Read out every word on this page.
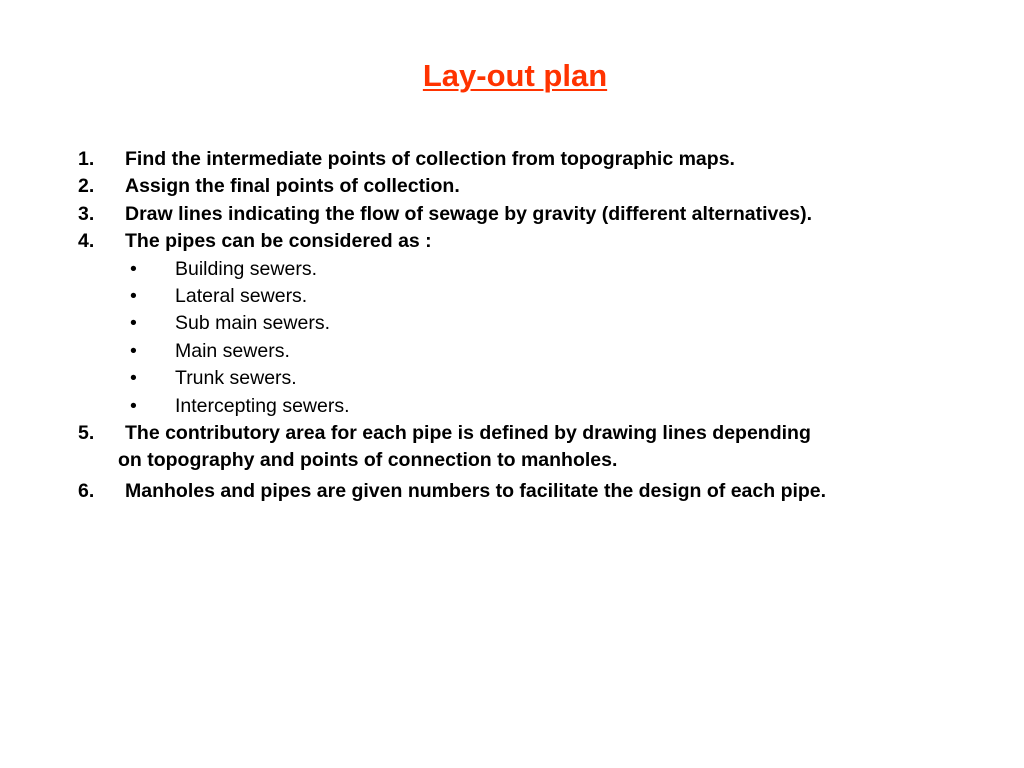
Lay-out plan
1. Find the intermediate points of collection from topographic maps.
2. Assign the final points of collection.
3. Draw lines indicating the flow of sewage by gravity (different alternatives).
4. The pipes can be considered as :
• Building sewers.
• Lateral sewers.
• Sub main sewers.
• Main sewers.
• Trunk sewers.
• Intercepting sewers.
5. The contributory area for each pipe is defined by drawing lines depending
on topography and points of connection to manholes.
6. Manholes and pipes are given numbers to facilitate the design of each pipe.
